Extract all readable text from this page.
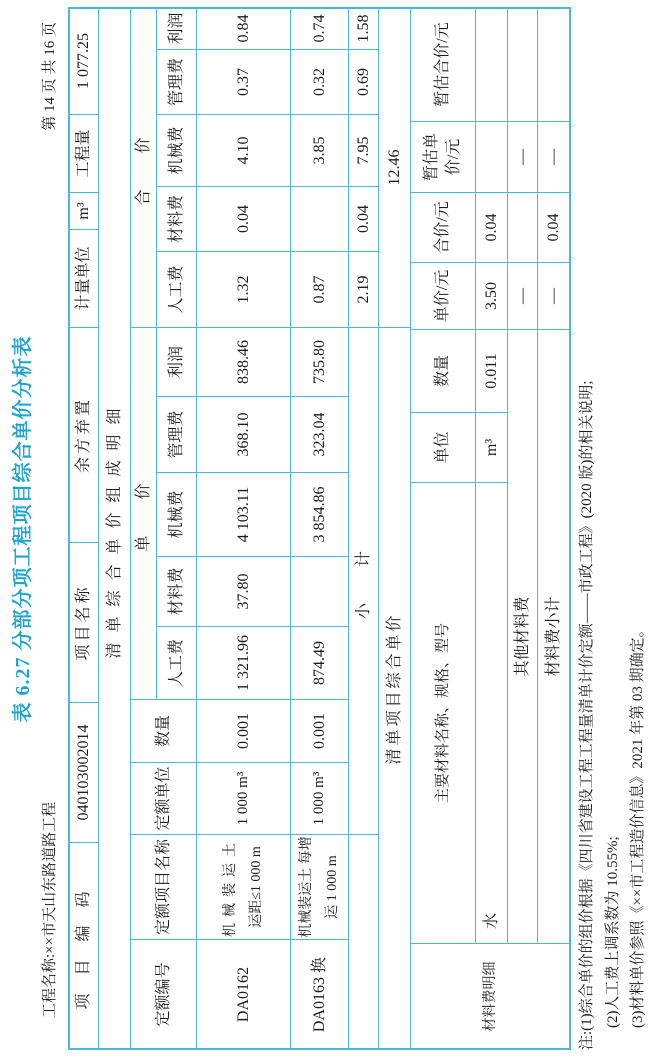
表 6.27 分部分项工程项目综合单价分析表
工程名称:××市天山东路道路工程
第 14 页 共 16 页
项目编码
040103002014
项目名称
余方弃置
计量单位
m³
工程量
1 077.25
清单综合单价组成明细
定额编号
定额项目名称
定额单位
数量
单 价
合 价
人工费
材料费
机械费
管理费
利润
人工费
材料费
机械费
管理费
利润
DA0162
机械装运土 运距≤1 000 m
1 000 m³
0.001
1 321.96
37.80
4 103.11
368.10
838.46
1.32
0.04
4.10
0.37
0.84
DA0163 换
机械装运土 每增 运 1 000 m
1 000 m³
0.001
874.49
3 854.86
323.04
735.80
0.87
3.85
0.32
0.74
小 计
2.19
0.04
7.95
0.69
1.58
清单项目综合单价
12.46
材料费明细
主要材料名称、规格、型号
单位
数量
单价/元
合价/元
暂估单价/元
暂估合价/元
水
m³
0.011
3.50
0.04
其他材料费
—
—
材料费小计
—
0.04
—
注:(1)综合单价的组价根据《四川省建设工程工程量清单计价定额——市政工程》(2020 版)的相关说明; (2)人工费上调系数为 10.55%; (3)材料单价参照《××市工程造价信息》2021 年第 03 期确定。
